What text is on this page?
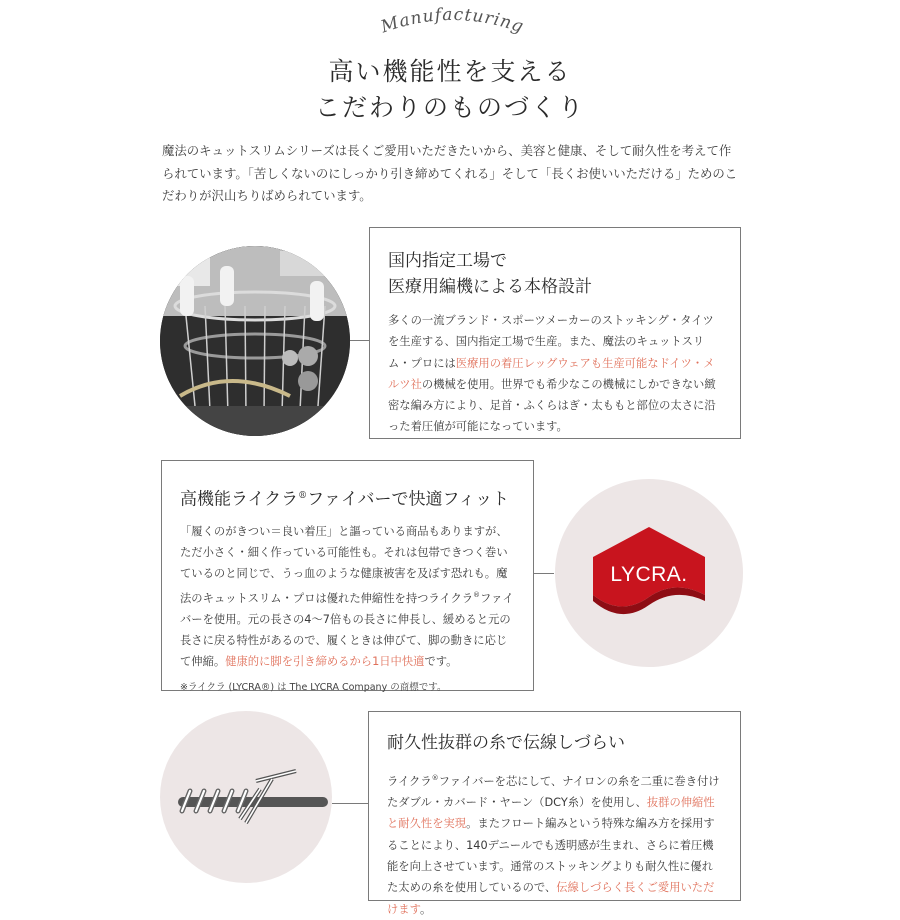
Manufacturing
高い機能性を支える
こだわりのものづくり
魔法のキュットスリムシリーズは長くご愛用いただきたいから、美容と健康、そして耐久性を考えて作られています。「苦しくないのにしっかり引き締めてくれる」そして「長くお使いいただける」ためのこだわりが沢山ちりばめられています。
国内指定工場で
医療用編機による本格設計

多くの一流ブランド・スポーツメーカーのストッキング・タイツを生産する、国内指定工場で生産。また、魔法のキュットスリム・プロには医療用の着圧レッグウェアも生産可能なドイツ・メルツ社の機械を使用。世界でも希少なこの機械にしかできない緻密な編み方により、足首・ふくらはぎ・太ももと部位の太さに沿った着圧値が可能になっています。

高機能ライクラ®ファイバーで快適フィット

「履くのがきつい＝良い着圧」と謳っている商品もありますが、ただ小さく・細く作っている可能性も。それは包帯できつく巻いているのと同じで、うっ血のような健康被害を及ぼす恐れも。魔法のキュットスリム・プロは優れた伸縮性を持つライクラ®ファイバーを使用。元の長さの4〜7倍もの長さに伸長し、緩めると元の長さに戻る特性があるので、履くときは伸びて、脚の動きに応じて伸縮。健康的に脚を引き締めるから1日中快適です。

※ライクラ (LYCRA®) は The LYCRA Company の商標です。
LYCRA.
耐久性抜群の糸で伝線しづらい

ライクラ®ファイバーを芯にして、ナイロンの糸を二重に巻き付けたダブル・カバード・ヤーン（DCY糸）を使用し、抜群の伸縮性と耐久性を実現。またフロート編みという特殊な編み方を採用することにより、140デニールでも透明感が生まれ、さらに着圧機能を向上させています。通常のストッキングよりも耐久性に優れた太めの糸を使用しているので、伝線しづらく長くご愛用いただけます。
